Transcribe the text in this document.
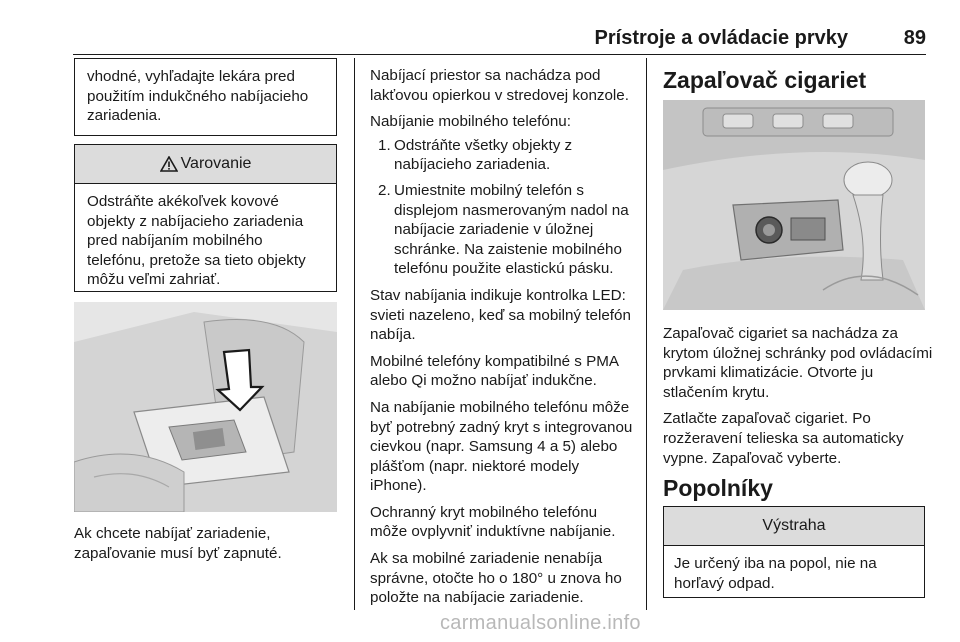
Prístroje a ovládacie prvky	89
vhodné, vyhľadajte lekára pred použitím indukčného nabíjacieho zariadenia.
Varovanie
Odstráňte akékoľvek kovové objekty z nabíjacieho zariadenia pred nabíjaním mobilného telefónu, pretože sa tieto objekty môžu veľmi zahriať.
Ak chcete nabíjať zariadenie, zapaľovanie musí byť zapnuté.

Nabíjací priestor sa nachádza pod lakťovou opierkou v stredovej konzole.

Nabíjanie mobilného telefónu:

1. Odstráňte všetky objekty z nabíjacieho zariadenia.
2. Umiestnite mobilný telefón s displejom nasmerovaným nadol na nabíjacie zariadenie v úložnej schránke. Na zaistenie mobilného telefónu použite elastickú pásku.

Stav nabíjania indikuje kontrolka LED: svieti nazeleno, keď sa mobilný telefón nabíja.

Mobilné telefóny kompatibilné s PMA alebo Qi možno nabíjať indukčne.

Na nabíjanie mobilného telefónu môže byť potrebný zadný kryt s integrovanou cievkou (napr. Samsung 4 a 5) alebo plášťom (napr. niektoré modely iPhone).

Ochranný kryt mobilného telefónu môže ovplyvniť induktívne nabíjanie.

Ak sa mobilné zariadenie nenabíja správne, otočte ho o 180° u znova ho položte na nabíjacie zariadenie.

Zapaľovač cigariet

Zapaľovač cigariet sa nachádza za krytom úložnej schránky pod ovládacími prvkami klimatizácie. Otvorte ju stlačením krytu.

Zatlačte zapaľovač cigariet. Po rozžeravení telieska sa automaticky vypne. Zapaľovač vyberte.

Popolníky
Výstraha
Je určený iba na popol, nie na horľavý odpad.
carmanualsonline.info
